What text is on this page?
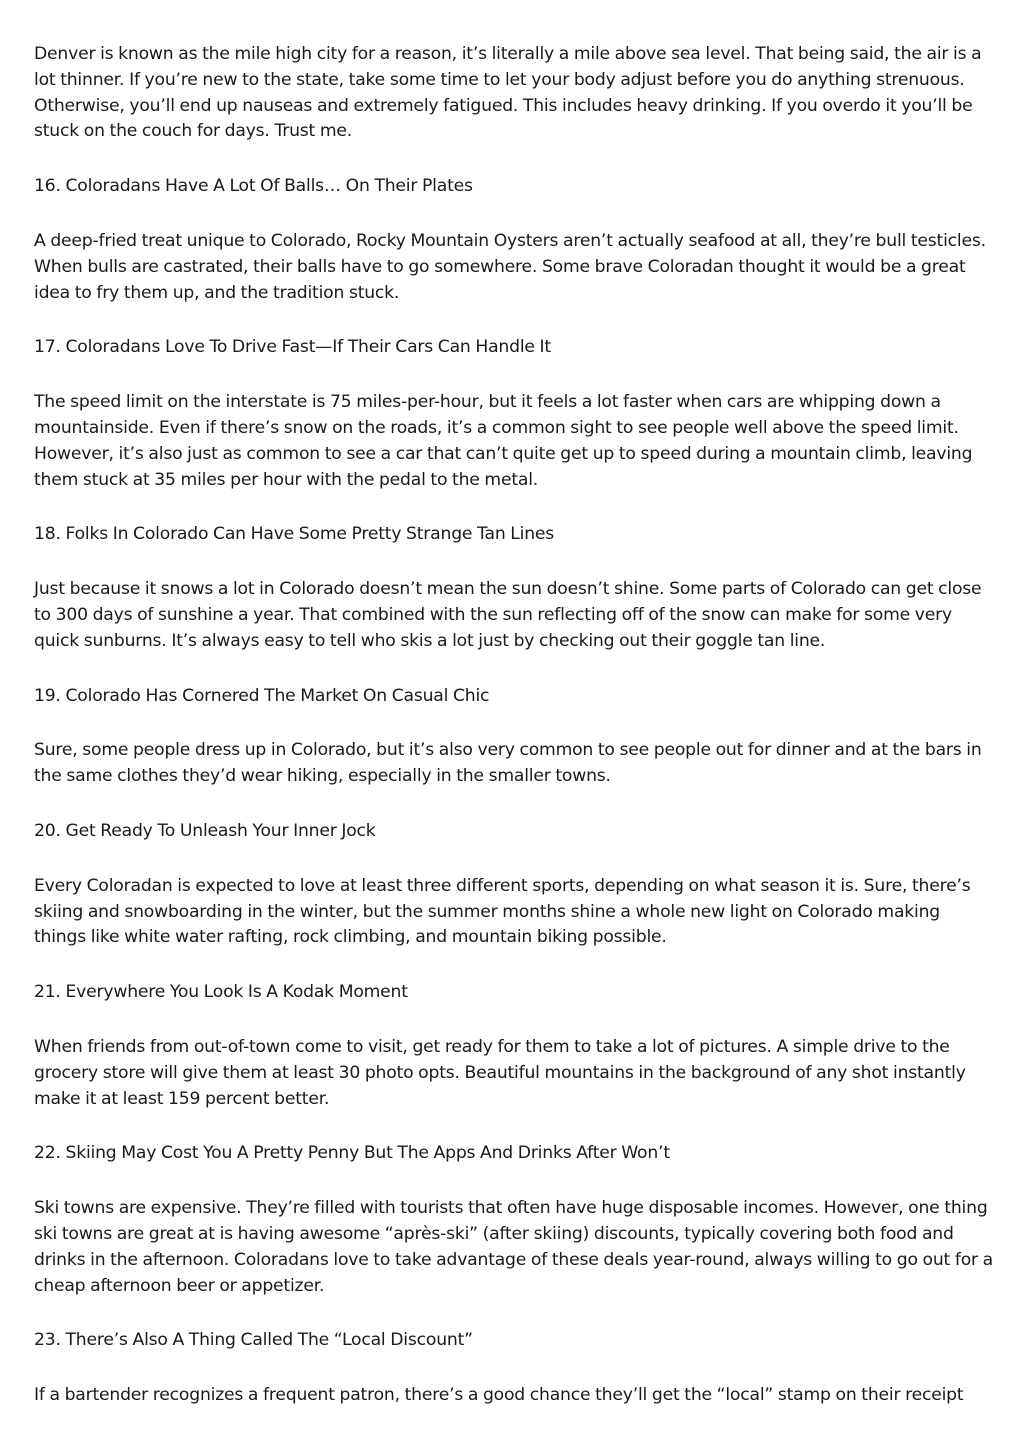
Denver is known as the mile high city for a reason, it’s literally a mile above sea level. That being said, the air is a lot thinner. If you’re new to the state, take some time to let your body adjust before you do anything strenuous. Otherwise, you’ll end up nauseas and extremely fatigued. This includes heavy drinking. If you overdo it you’ll be stuck on the couch for days. Trust me.

16. Coloradans Have A Lot Of Balls… On Their Plates

A deep-fried treat unique to Colorado, Rocky Mountain Oysters aren’t actually seafood at all, they’re bull testicles. When bulls are castrated, their balls have to go somewhere. Some brave Coloradan thought it would be a great idea to fry them up, and the tradition stuck.

17. Coloradans Love To Drive Fast—If Their Cars Can Handle It

The speed limit on the interstate is 75 miles-per-hour, but it feels a lot faster when cars are whipping down a mountainside. Even if there’s snow on the roads, it’s a common sight to see people well above the speed limit. However, it’s also just as common to see a car that can’t quite get up to speed during a mountain climb, leaving them stuck at 35 miles per hour with the pedal to the metal.

18. Folks In Colorado Can Have Some Pretty Strange Tan Lines

Just because it snows a lot in Colorado doesn’t mean the sun doesn’t shine. Some parts of Colorado can get close to 300 days of sunshine a year. That combined with the sun reflecting off of the snow can make for some very quick sunburns. It’s always easy to tell who skis a lot just by checking out their goggle tan line.

19. Colorado Has Cornered The Market On Casual Chic

Sure, some people dress up in Colorado, but it’s also very common to see people out for dinner and at the bars in the same clothes they’d wear hiking, especially in the smaller towns.

20. Get Ready To Unleash Your Inner Jock

Every Coloradan is expected to love at least three different sports, depending on what season it is. Sure, there’s skiing and snowboarding in the winter, but the summer months shine a whole new light on Colorado making things like white water rafting, rock climbing, and mountain biking possible.

21. Everywhere You Look Is A Kodak Moment

When friends from out-of-town come to visit, get ready for them to take a lot of pictures. A simple drive to the grocery store will give them at least 30 photo opts. Beautiful mountains in the background of any shot instantly make it at least 159 percent better.

22. Skiing May Cost You A Pretty Penny But The Apps And Drinks After Won’t

Ski towns are expensive. They’re filled with tourists that often have huge disposable incomes. However, one thing ski towns are great at is having awesome “après-ski” (after skiing) discounts, typically covering both food and drinks in the afternoon. Coloradans love to take advantage of these deals year-round, always willing to go out for a cheap afternoon beer or appetizer.

23. There’s Also A Thing Called The “Local Discount”

If a bartender recognizes a frequent patron, there’s a good chance they’ll get the “local” stamp on their receipt
